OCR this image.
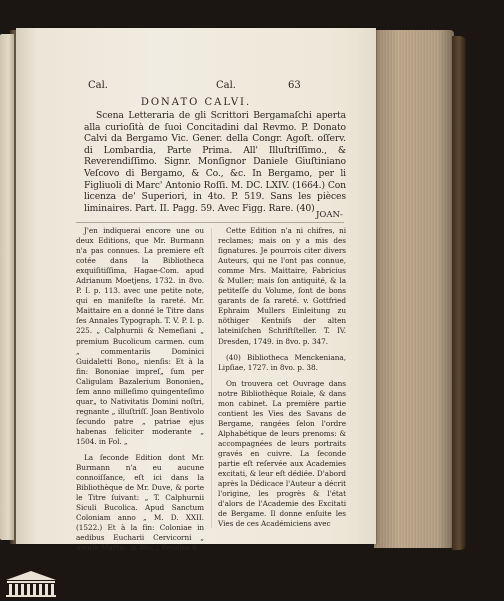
Cal.	Cal.	63
DONATO CALVI.

Scena Letteraria de gli Scrittori Bergamaſchi aperta alla curioſità de ſuoi Concitadini dal Revmo. P. Donato Calvi da Bergamo Vic. Gener. della Congr. Agoſt. oſſerv. di Lombardia, Parte Prima. All' Illuſtriſſimo., & Reverendiſſimo. Signr. Monſignor Daniele Giuſtiniano Veſcovo di Bergamo, & Co., &c. In Bergamo, per li Figliuoli di Marc' Antonio Roſſi. M. DC. LXIV. (1664.) Con licenza de' Superiori, in 4to. P. 519. Sans les pièces liminaires. Part. II. Pagg. 59. Avec Figg. Rare. (40)

JOAN-

J'en indiquerai encore une ou deux Editions, que Mr. Burmann n'a pas connues. La premiere eſt cotée dans la Bibliotheca exquiſitiſſima, Hagae-Com. apud Adrianum Moetjens, 1732. in 8vo. P. I. p. 113. avec une petite note, qui en manifeſte la rareté. Mr. Maittaire en a donné le Titre dans ſes Annales Typograph. T. V. P. I. p. 225. „ Calphurnii & Nemeſiani „ premium Bucolicum carmen. cum „ commentariis Dominici Guidaletti Bono„ nienſis: Et à la fin: Bononiae impreſ„ ſum per Caligulam Bazalerium Bononien„ ſem anno milleſimo quingenteſimo quar„ to Nativitatis Domini noſtri, regnante „ illuſtriſſ. Joan Bentivolo ſecundo patre „ patriae ejus habenas feliciter moderante „ 1504. in Fol. „

La ſeconde Edition dont Mr. Burmann n'a eu aucune connoiſſance, eſt ici dans la Bibliothèque de Mr. Duve, & porte le Titre ſuivant: „ T. Calphurnii Siculi Bucolica. Apud Sanctum Coloniam anno „ M. D. XXII. (1522.) Et à la fin: Coloniae in aedibus Eucharii Cervicorni „ menſe Martio. in 4to. „ Feuilles 6.

Cette Edition n'a ni chifres, ni reclames; mais on y a mis des ſignatures. Je pourrois citer divers Auteurs, qui ne l'ont pas connue, comme Mrs. Maittaire, Fabricius & Muller; mais ſon antiquité, & la petiteſſe du Volume, ſont de bons garants de ſa rareté. v. Gottfried Ephraim Mullers Einleitung zu nöthiger Kentniſs der alten lateiniſchen Schriftſteller. T. IV. Dresden, 1749. in 8vo. p. 347.

(40) Bibliotheca Menckeniana, Lipſiae, 1727. in 8vo. p. 38.

On trouvera cet Ouvrage dans notre Bibliothèque Roiale, & dans mon cabinet. La première partie contient les Vies des Savans de Bergame, rangées ſelon l'ordre Alphabétique de leurs prenoms: & accompagnées de leurs portraits gravés en cuivre. La ſeconde partie eſt reſervée aux Academies excitati, & leur eſt dédiée. D'abord après la Dédicace l'Auteur a décrit l'origine, les progrès & l'état d'alors de l'Academie des Excitati de Bergame. Il donne enſuite les Vies de ces Académiciens avec
